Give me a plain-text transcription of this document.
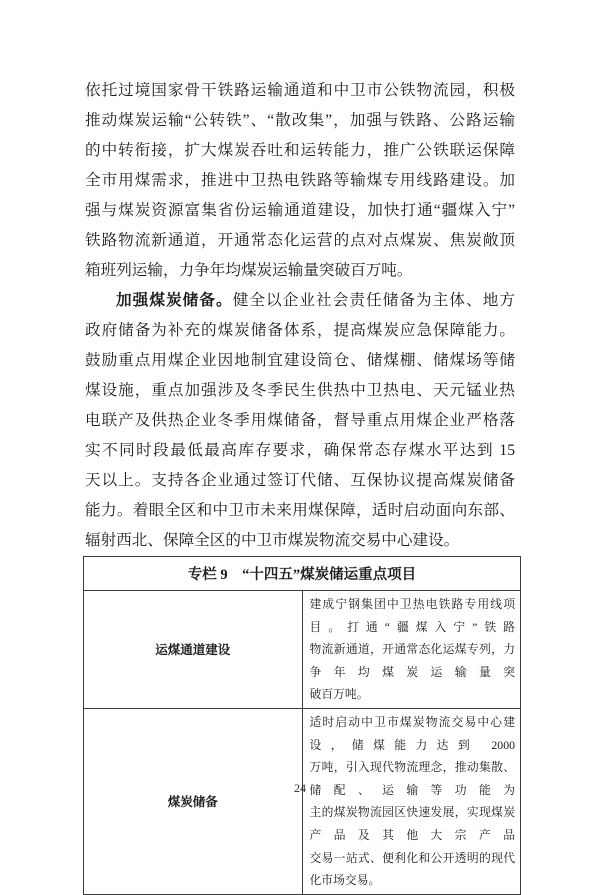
依托过境国家骨干铁路运输通道和中卫市公铁物流园，积极
推动煤炭运输“公转铁”、“散改集”，加强与铁路、公路运输
的中转衔接，扩大煤炭吞吐和运转能力，推广公铁联运保障
全市用煤需求，推进中卫热电铁路等输煤专用线路建设。加
强与煤炭资源富集省份运输通道建设，加快打通“疆煤入宁”
铁路物流新通道，开通常态化运营的点对点煤炭、焦炭敞顶
箱班列运输，力争年均煤炭运输量突破百万吨。
加强煤炭储备。健全以企业社会责任储备为主体、地方
政府储备为补充的煤炭储备体系，提高煤炭应急保障能力。
鼓励重点用煤企业因地制宜建设筒仓、储煤棚、储煤场等储
煤设施，重点加强涉及冬季民生供热中卫热电、天元锰业热
电联产及供热企业冬季用煤储备，督导重点用煤企业严格落
实不同时段最低最高库存要求，确保常态存煤水平达到 15
天以上。支持各企业通过签订代储、互保协议提高煤炭储备
能力。着眼全区和中卫市未来用煤保障，适时启动面向东部、
辐射西北、保障全区的中卫市煤炭物流交易中心建设。
专栏 9　“十四五”煤炭储运重点项目	
运煤通道建设	建成宁钢集团中卫热电铁路专用线项目。打通“疆煤入宁”铁路
物流新通道，开通常态化运煤专列，力争年均煤炭运输量突
破百万吨。

煤炭储备	适时启动中卫市煤炭物流交易中心建设，储煤能力达到 2000
万吨，引入现代物流理念，推动集散、储配、运输等功能为
主的煤炭物流园区快速发展，实现煤炭产品及其他大宗产品
交易一站式、便利化和公开透明的现代化市场交易。
24
